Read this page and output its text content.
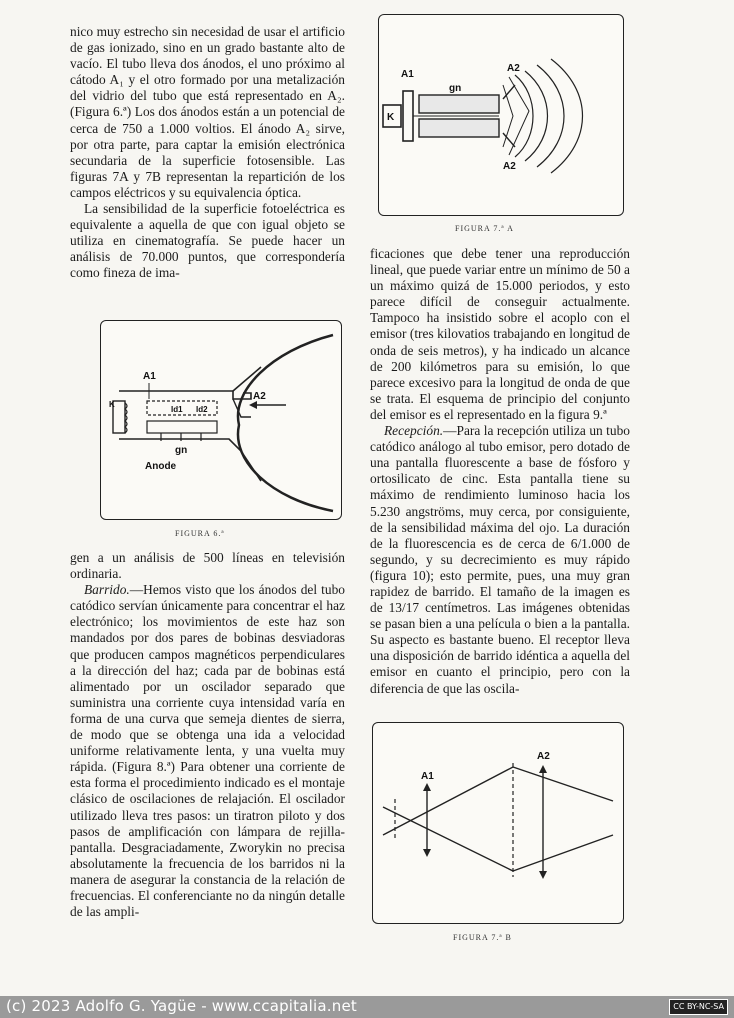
nico muy estrecho sin necesidad de usar el artificio de gas ionizado, sino en un grado bastante alto de vacío. El tubo lleva dos ánodos, el uno próximo al cátodo A₁ y el otro formado por una metalización del vidrio del tubo que está representado en A₂. (Figura 6.ª) Los dos ánodos están a un potencial de cerca de 750 a 1.000 voltios. El ánodo A₂ sirve, por otra parte, para captar la emisión electrónica secundaria de la superficie fotosensible. Las figuras 7A y 7B representan la repartición de los campos eléctricos y su equivalencia óptica.

La sensibilidad de la superficie fotoeléctrica es equivalente a aquella de que con igual objeto se utiliza en cinematografía. Se puede hacer un análisis de 70.000 puntos, que correspondería como fineza de ima-

A1
A2
K
Id1 Id2
gn
Anode
FIGURA 6.ª

gen a un análisis de 500 líneas en televisión ordinaria.

Barrido.—Hemos visto que los ánodos del tubo catódico servían únicamente para concentrar el haz electrónico; los movimientos de este haz son mandados por dos pares de bobinas desviadoras que producen campos magnéticos perpendiculares a la dirección del haz; cada par de bobinas está alimentado por un oscilador separado que suministra una corriente cuya intensidad varía en forma de una curva que semeja dientes de sierra, de modo que se obtenga una ida a velocidad uniforme relativamente lenta, y una vuelta muy rápida. (Figura 8.ª) Para obtener una corriente de esta forma el procedimiento indicado es el montaje clásico de oscilaciones de relajación. El oscilador utilizado lleva tres pasos: un tiratron piloto y dos pasos de amplificación con lámpara de rejilla-pantalla. Desgraciadamente, Zworykin no precisa absolutamente la frecuencia de los barridos ni la manera de asegurar la constancia de la relación de frecuencias. El conferenciante no da ningún detalle de las ampli-

K
A1
gn
A2
A2
FIGURA 7.ª A

ficaciones que debe tener una reproducción lineal, que puede variar entre un mínimo de 50 a un máximo quizá de 15.000 periodos, y esto parece difícil de conseguir actualmente. Tampoco ha insistido sobre el acoplo con el emisor (tres kilovatios trabajando en longitud de onda de seis metros), y ha indicado un alcance de 200 kilómetros para su emisión, lo que parece excesivo para la longitud de onda de que se trata. El esquema de principio del conjunto del emisor es el representado en la figura 9.ª

Recepción.—Para la recepción utiliza un tubo catódico análogo al tubo emisor, pero dotado de una pantalla fluorescente a base de fósforo y ortosilicato de cinc. Esta pantalla tiene su máximo de rendimiento luminoso hacia los 5.230 angströms, muy cerca, por consiguiente, de la sensibilidad máxima del ojo. La duración de la fluorescencia es de cerca de 6/1.000 de segundo, y su decrecimiento es muy rápido (figura 10); esto permite, pues, una muy gran rapidez de barrido. El tamaño de la imagen es de 13/17 centímetros. Las imágenes obtenidas se pasan bien a una película o bien a la pantalla. Su aspecto es bastante bueno. El receptor lleva una disposición de barrido idéntica a aquella del emisor en cuanto el principio, pero con la diferencia de que las oscila-

A1
A2
FIGURA 7.ª B
(c) 2023 Adolfo G. Yagüe - www.ccapitalia.net	CC BY-NC-SA
